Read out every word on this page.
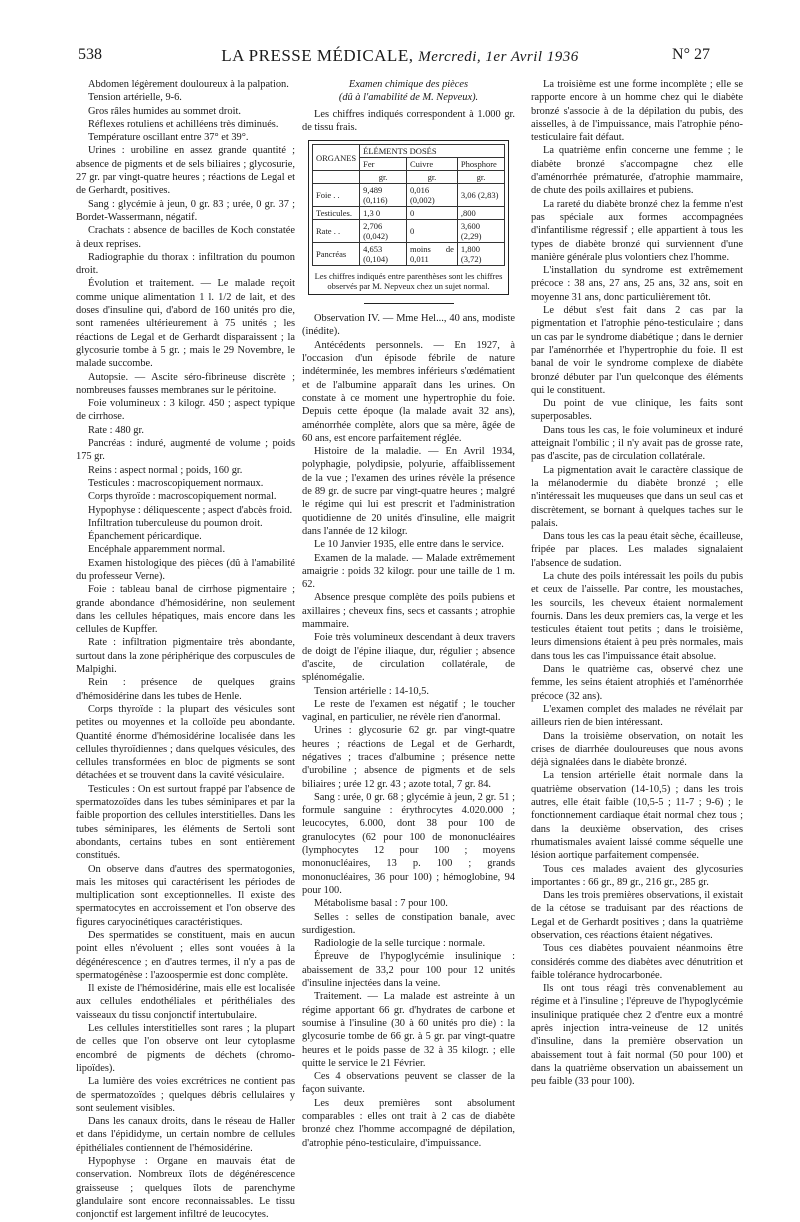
538	LA PRESSE MÉDICALE, Mercredi, 1er Avril 1936	N° 27

Abdomen légèrement douloureux à la palpation.

Tension artérielle, 9-6.

Gros râles humides au sommet droit.

Réflexes rotuliens et achilléens très diminués.

Température oscillant entre 37° et 39°.

Urines : urobiline en assez grande quantité ; absence de pigments et de sels biliaires ; glycosurie, 27 gr. par vingt-quatre heures ; réactions de Legal et de Gerhardt, positives.

Sang : glycémie à jeun, 0 gr. 83 ; urée, 0 gr. 37 ; Bordet-Wassermann, négatif.

Crachats : absence de bacilles de Koch constatée à deux reprises.

Radiographie du thorax : infiltration du poumon droit.

Évolution et traitement. — Le malade reçoit comme unique alimentation 1 l. 1/2 de lait, et des doses d'insuline qui, d'abord de 160 unités pro die, sont ramenées ultérieurement à 75 unités ; les réactions de Legal et de Gerhardt disparaissent ; la glycosurie tombe à 5 gr. ; mais le 29 Novembre, le malade succombe.

Autopsie. — Ascite séro-fibrineuse discrète ; nombreuses fausses membranes sur le péritoine.

Foie volumineux : 3 kilogr. 450 ; aspect typique de cirrhose.

Rate : 480 gr.

Pancréas : induré, augmenté de volume ; poids 175 gr.

Reins : aspect normal ; poids, 160 gr.

Testicules : macroscopiquement normaux.

Corps thyroïde : macroscopiquement normal.

Hypophyse : déliquescente ; aspect d'abcès froid.

Infiltration tuberculeuse du poumon droit.

Épanchement péricardique.

Encéphale apparemment normal.

Examen histologique des pièces (dû à l'amabilité du professeur Verne).

Foie : tableau banal de cirrhose pigmentaire ; grande abondance d'hémosidérine, non seulement dans les cellules hépatiques, mais encore dans les cellules de Kupffer.

Rate : infiltration pigmentaire très abondante, surtout dans la zone périphérique des corpuscules de Malpighi.

Rein : présence de quelques grains d'hémosidérine dans les tubes de Henle.

Corps thyroïde : la plupart des vésicules sont petites ou moyennes et la colloïde peu abondante. Quantité énorme d'hémosidérine localisée dans les cellules thyroïdiennes ; dans quelques vésicules, des cellules transformées en bloc de pigments se sont détachées et se trouvent dans la cavité vésiculaire.

Testicules : On est surtout frappé par l'absence de spermatozoïdes dans les tubes séminipares et par la faible proportion des cellules interstitielles. Dans les tubes séminipares, les éléments de Sertoli sont abondants, certains tubes en sont entièrement constitués.

On observe dans d'autres des spermatogonies, mais les mitoses qui caractérisent les périodes de multiplication sont exceptionnelles. Il existe des spermatocytes en accroissement et l'on observe des figures caryocinétiques caractéristiques.

Des spermatides se constituent, mais en aucun point elles n'évoluent ; elles sont vouées à la dégénérescence ; en d'autres termes, il n'y a pas de spermatogénèse : l'azoospermie est donc complète.

Il existe de l'hémosidérine, mais elle est localisée aux cellules endothéliales et périthéliales des vaisseaux du tissu conjonctif intertubulaire.

Les cellules interstitielles sont rares ; la plupart de celles que l'on observe ont leur cytoplasme encombré de pigments de déchets (chromo-lipoïdes).

La lumière des voies excrétrices ne contient pas de spermatozoïdes ; quelques débris cellulaires y sont seulement visibles.

Dans les canaux droits, dans le réseau de Haller et dans l'épididyme, un certain nombre de cellules épithéliales contiennent de l'hémosidérine.

Hypophyse : Organe en mauvais état de conservation. Nombreux îlots de dégénérescence graisseuse ; quelques îlots de parenchyme glandulaire sont encore reconnaissables. Le tissu conjonctif est largement infiltré de leucocytes.

Examen chimique des pièces

(dû à l'amabilité de M. Nepveux).

Les chiffres indiqués correspondent à 1.000 gr. de tissu frais.

ORGANES	ÉLÉMENTS DOSÉS		
	Fer	Cuivre	Phosphore
	gr.	gr.	gr.
Foie . .	9,489 (0,116)	0,016 (0,002)	3,06 (2,83)
Testicules.	1,3 0	0	,800
Rate . .	2,706 (0,042)	0	3,600 (2,29)
Pancréas	4,653 (0,104)	moins de 0,011	1,800 (3,72)

Les chiffres indiqués entre parenthèses sont les chiffres observés par M. Nepveux chez un sujet normal.

Observation IV. — Mme Hel..., 40 ans, modiste (inédite).

Antécédents personnels. — En 1927, à l'occasion d'un épisode fébrile de nature indéterminée, les membres inférieurs s'œdématient et de l'albumine apparaît dans les urines. On constate à ce moment une hypertrophie du foie. Depuis cette époque (la malade avait 32 ans), aménorrhée complète, alors que sa mère, âgée de 60 ans, est encore parfaitement réglée.

Histoire de la maladie. — En Avril 1934, polyphagie, polydipsie, polyurie, affaiblissement de la vue ; l'examen des urines révèle la présence de 89 gr. de sucre par vingt-quatre heures ; malgré le régime qui lui est prescrit et l'administration quotidienne de 20 unités d'insuline, elle maigrit dans l'année de 12 kilogr.

Le 10 Janvier 1935, elle entre dans le service.

Examen de la malade. — Malade extrêmement amaigrie : poids 32 kilogr. pour une taille de 1 m. 62.

Absence presque complète des poils pubiens et axillaires ; cheveux fins, secs et cassants ; atrophie mammaire.

Foie très volumineux descendant à deux travers de doigt de l'épine iliaque, dur, régulier ; absence d'ascite, de circulation collatérale, de splénomégalie.

Tension artérielle : 14-10,5.

Le reste de l'examen est négatif ; le toucher vaginal, en particulier, ne révèle rien d'anormal.

Urines : glycosurie 62 gr. par vingt-quatre heures ; réactions de Legal et de Gerhardt, négatives ; traces d'albumine ; présence nette d'urobiline ; absence de pigments et de sels biliaires ; urée 12 gr. 43 ; azote total, 7 gr. 84.

Sang : urée, 0 gr. 68 ; glycémie à jeun, 2 gr. 51 ; formule sanguine : érythrocytes 4.020.000 ; leucocytes, 6.000, dont 38 pour 100 de granulocytes (62 pour 100 de mononucléaires (lymphocytes 12 pour 100 ; moyens mononucléaires, 13 p. 100 ; grands mononucléaires, 36 pour 100) ; hémoglobine, 94 pour 100.

Métabolisme basal : 7 pour 100.

Selles : selles de constipation banale, avec surdigestion.

Radiologie de la selle turcique : normale.

Épreuve de l'hypoglycémie insulinique : abaissement de 33,2 pour 100 pour 12 unités d'insuline injectées dans la veine.

Traitement. — La malade est astreinte à un régime apportant 66 gr. d'hydrates de carbone et soumise à l'insuline (30 à 60 unités pro die) : la glycosurie tombe de 66 gr. à 5 gr. par vingt-quatre heures et le poids passe de 32 à 35 kilogr. ; elle quitte le service le 21 Février.

Ces 4 observations peuvent se classer de la façon suivante.

Les deux premières sont absolument comparables : elles ont trait à 2 cas de diabète bronzé chez l'homme accompagné de dépilation, d'atrophie péno-testiculaire, d'impuissance.

La troisième est une forme incomplète ; elle se rapporte encore à un homme chez qui le diabète bronzé s'associe à de la dépilation du pubis, des aisselles, à de l'impuissance, mais l'atrophie péno-testiculaire fait défaut.

La quatrième enfin concerne une femme ; le diabète bronzé s'accompagne chez elle d'aménorrhée prématurée, d'atrophie mammaire, de chute des poils axillaires et pubiens.

La rareté du diabète bronzé chez la femme n'est pas spéciale aux formes accompagnées d'infantilisme régressif ; elle appartient à tous les types de diabète bronzé qui surviennent d'une manière générale plus volontiers chez l'homme.

L'installation du syndrome est extrêmement précoce : 38 ans, 27 ans, 25 ans, 32 ans, soit en moyenne 31 ans, donc particulièrement tôt.

Le début s'est fait dans 2 cas par la pigmentation et l'atrophie péno-testiculaire ; dans un cas par le syndrome diabétique ; dans le dernier par l'aménorrhée et l'hypertrophie du foie. Il est banal de voir le syndrome complexe de diabète bronzé débuter par l'un quelconque des éléments qui le constituent.

Du point de vue clinique, les faits sont superposables.

Dans tous les cas, le foie volumineux et induré atteignait l'ombilic ; il n'y avait pas de grosse rate, pas d'ascite, pas de circulation collatérale.

La pigmentation avait le caractère classique de la mélanodermie du diabète bronzé ; elle n'intéressait les muqueuses que dans un seul cas et discrètement, se bornant à quelques taches sur le palais.

Dans tous les cas la peau était sèche, écailleuse, fripée par places. Les malades signalaient l'absence de sudation.

La chute des poils intéressait les poils du pubis et ceux de l'aisselle. Par contre, les moustaches, les sourcils, les cheveux étaient normalement fournis. Dans les deux premiers cas, la verge et les testicules étaient tout petits ; dans le troisième, leurs dimensions étaient à peu près normales, mais dans tous les cas l'impuissance était absolue.

Dans le quatrième cas, observé chez une femme, les seins étaient atrophiés et l'aménorrhée précoce (32 ans).

L'examen complet des malades ne révélait par ailleurs rien de bien intéressant.

Dans la troisième observation, on notait les crises de diarrhée douloureuses que nous avons déjà signalées dans le diabète bronzé.

La tension artérielle était normale dans la quatrième observation (14-10,5) ; dans les trois autres, elle était faible (10,5-5 ; 11-7 ; 9-6) ; le fonctionnement cardiaque était normal chez tous ; dans la deuxième observation, des crises rhumatismales avaient laissé comme séquelle une lésion aortique parfaitement compensée.

Tous ces malades avaient des glycosuries importantes : 66 gr., 89 gr., 216 gr., 285 gr.

Dans les trois premières observations, il existait de la cétose se traduisant par des réactions de Legal et de Gerhardt positives ; dans la quatrième observation, ces réactions étaient négatives.

Tous ces diabètes pouvaient néanmoins être considérés comme des diabètes avec dénutrition et faible tolérance hydrocarbonée.

Ils ont tous réagi très convenablement au régime et à l'insuline ; l'épreuve de l'hypoglycémie insulinique pratiquée chez 2 d'entre eux a montré après injection intra-veineuse de 12 unités d'insuline, dans la première observation un abaissement tout à fait normal (50 pour 100) et dans la quatrième observation un abaissement un peu faible (33 pour 100).
